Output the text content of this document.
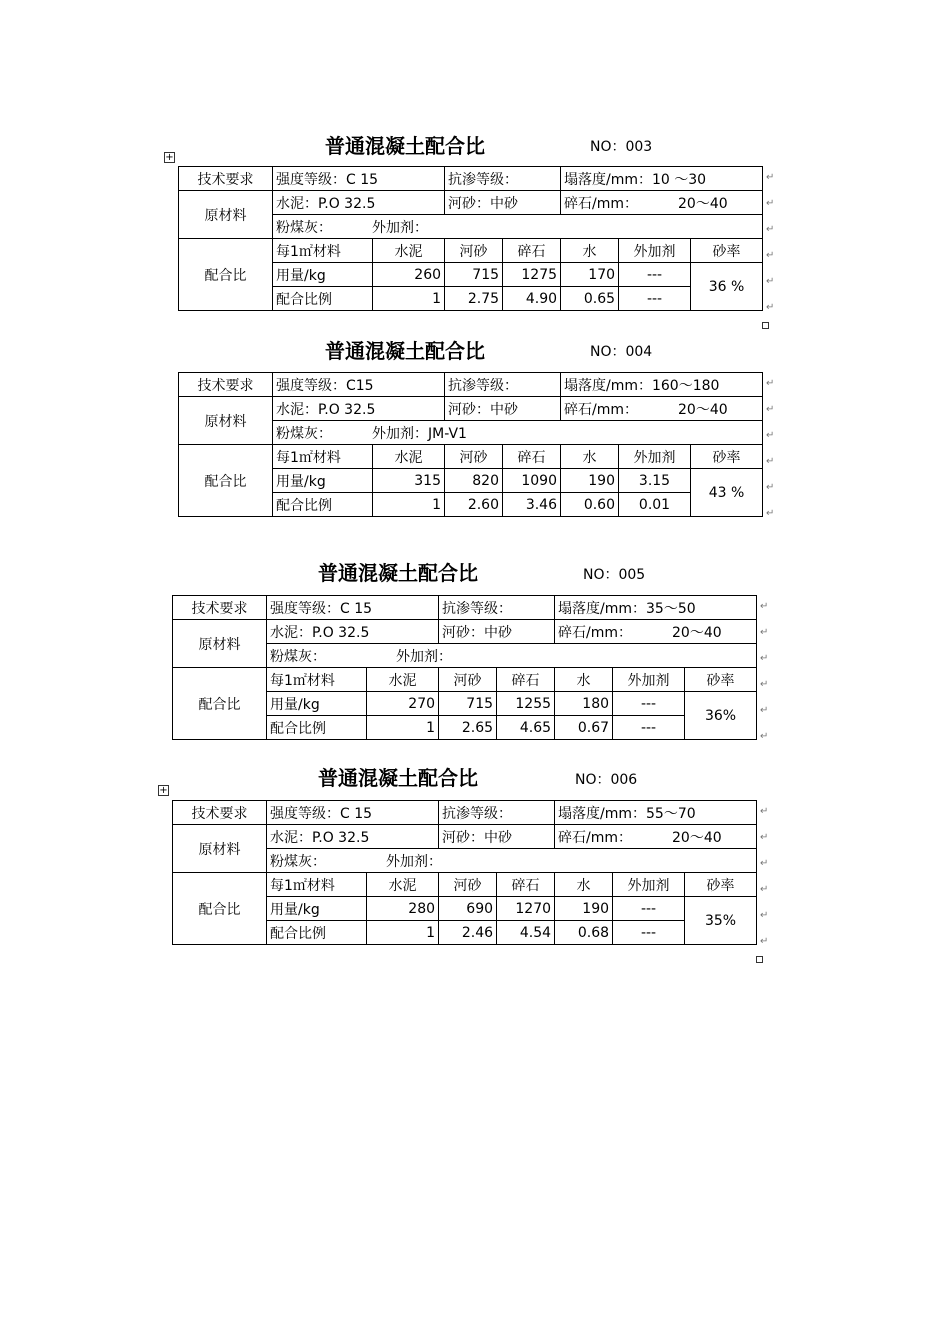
普通混凝土配合比	NO：003
+
技术要求	强度等级：C 15		抗渗等级：		塌落度/mm：10 ～30		
原材料	水泥：P.O 32.5		河砂：中砂		碎石/mm： 20～40		
	粉煤灰： 外加剂：						
配合比	每1㎡材料	水泥	河砂	碎石	水	外加剂	砂率
	用量/kg	260	715	1275	170	---	36 %
	配合比例	1	2.75	4.90	0.65	---	
普通混凝土配合比	NO：004
技术要求	强度等级：C15		抗渗等级：		塌落度/mm：160～180		
原材料	水泥：P.O 32.5		河砂：中砂		碎石/mm： 20～40		
	粉煤灰： 外加剂：JM-V1						
配合比	每1㎡材料	水泥	河砂	碎石	水	外加剂	砂率
	用量/kg	315	820	1090	190	3.15	43 %
	配合比例	1	2.60	3.46	0.60	0.01	
普通混凝土配合比	NO：005
技术要求	强度等级：C 15		抗渗等级：		塌落度/mm：35～50		
原材料	水泥：P.O 32.5		河砂：中砂		碎石/mm： 20～40		
	粉煤灰： 外加剂：						
配合比	每1㎡材料	水泥	河砂	碎石	水	外加剂	砂率
	用量/kg	270	715	1255	180	---	36%
	配合比例	1	2.65	4.65	0.67	---	
普通混凝土配合比	NO：006
+
技术要求	强度等级：C 15		抗渗等级：		塌落度/mm：55～70		
原材料	水泥：P.O 32.5		河砂：中砂		碎石/mm： 20～40		
	粉煤灰： 外加剂：						
配合比	每1㎡材料	水泥	河砂	碎石	水	外加剂	砂率
	用量/kg	280	690	1270	190	---	35%
	配合比例	1	2.46	4.54	0.68	---	
↵
↵
↵
↵
↵
↵
↵
↵
↵
↵
↵
↵
↵
↵
↵
↵
↵
↵
↵
↵
↵
↵
↵
↵
